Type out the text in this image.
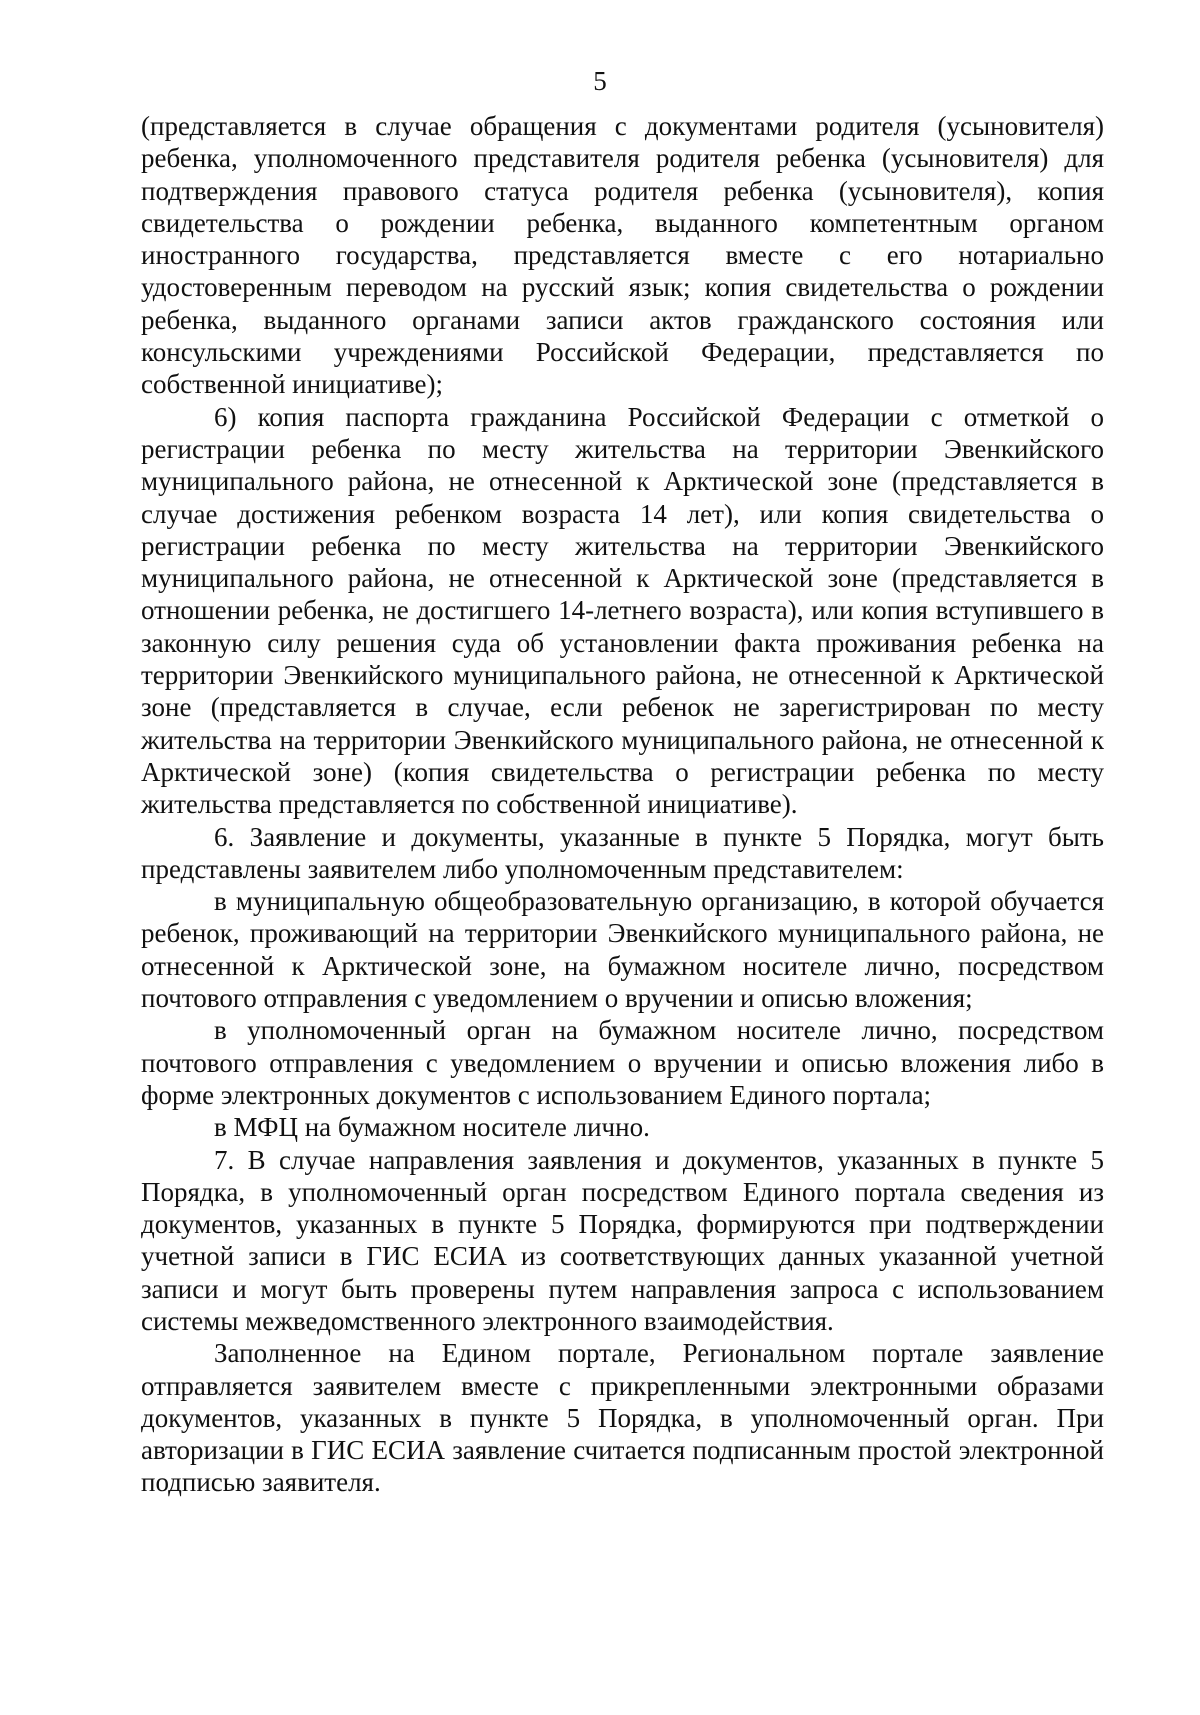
5

(представляется в случае обращения с документами родителя (усыновителя) ребенка, уполномоченного представителя родителя ребенка (усыновителя) для подтверждения правового статуса родителя ребенка (усыновителя), копия свидетельства о рождении ребенка, выданного компетентным органом иностранного государства, представляется вместе с его нотариально удостоверенным переводом на русский язык; копия свидетельства о рождении ребенка, выданного органами записи актов гражданского состояния или консульскими учреждениями Российской Федерации, представляется по собственной инициативе);

6) копия паспорта гражданина Российской Федерации с отметкой о регистрации ребенка по месту жительства на территории Эвенкийского муниципального района, не отнесенной к Арктической зоне (представляется в случае достижения ребенком возраста 14 лет), или копия свидетельства о регистрации ребенка по месту жительства на территории Эвенкийского муниципального района, не отнесенной к Арктической зоне (представляется в отношении ребенка, не достигшего 14-летнего возраста), или копия вступившего в законную силу решения суда об установлении факта проживания ребенка на территории Эвенкийского муниципального района, не отнесенной к Арктической зоне (представляется в случае, если ребенок не зарегистрирован по месту жительства на территории Эвенкийского муниципального района, не отнесенной к Арктической зоне) (копия свидетельства о регистрации ребенка по месту жительства представляется по собственной инициативе).

6. Заявление и документы, указанные в пункте 5 Порядка, могут быть представлены заявителем либо уполномоченным представителем:

в муниципальную общеобразовательную организацию, в которой обучается ребенок, проживающий на территории Эвенкийского муниципального района, не отнесенной к Арктической зоне, на бумажном носителе лично, посредством почтового отправления с уведомлением о вручении и описью вложения;

в уполномоченный орган на бумажном носителе лично, посредством почтового отправления с уведомлением о вручении и описью вложения либо в форме электронных документов с использованием Единого портала;

в МФЦ на бумажном носителе лично.

7. В случае направления заявления и документов, указанных в пункте 5 Порядка, в уполномоченный орган посредством Единого портала сведения из документов, указанных в пункте 5 Порядка, формируются при подтверждении учетной записи в ГИС ЕСИА из соответствующих данных указанной учетной записи и могут быть проверены путем направления запроса с использованием системы межведомственного электронного взаимодействия.

Заполненное на Едином портале, Региональном портале заявление отправляется заявителем вместе с прикрепленными электронными образами документов, указанных в пункте 5 Порядка, в уполномоченный орган. При авторизации в ГИС ЕСИА заявление считается подписанным простой электронной подписью заявителя.
